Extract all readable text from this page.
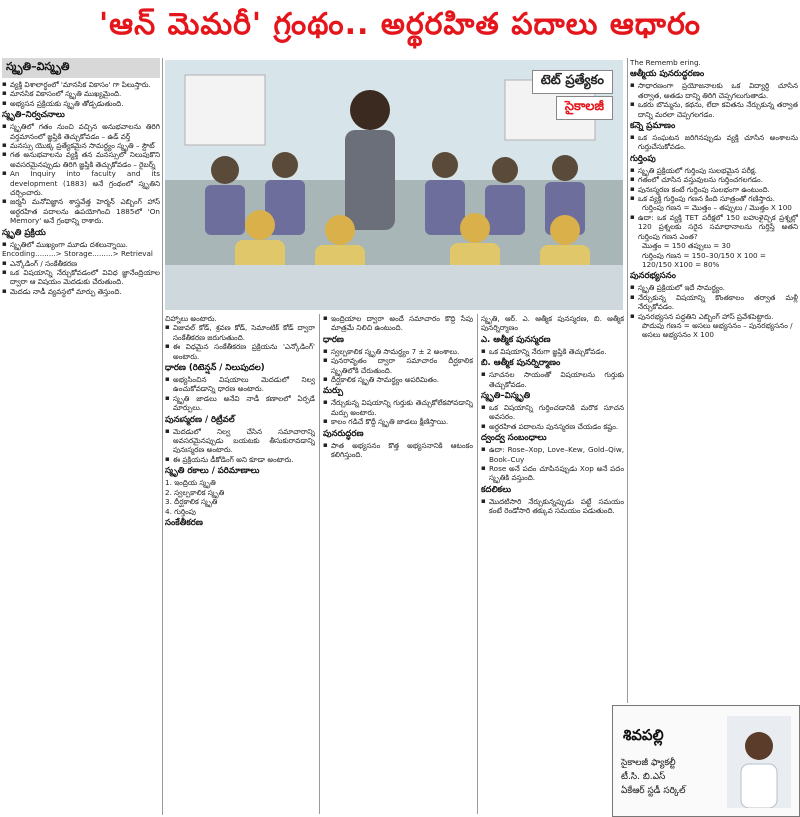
'ఆన్ మెమరీ' గ్రంథం.. అర్థరహిత పదాలు ఆధారం
స్మృతి–విస్మృతి
▪ వ్యక్తి విశాలార్థంలో 'మానసిక వికాసం' గా పిలుస్తారు.
▪ మానసిక వికాసంలో స్మృతి ముఖ్యమైంది.
▪ అభ్యసన ప్రక్రియకు స్మృతి తోడ్పడుతుంది.
స్మృతి–నిర్వచనాలు
▪ స్మృతిలో గతం నుంచి వచ్చిన అనుభవాలను తిరిగి వర్తమానంలో జ్ఞప్తికి తెచ్చుకోవడం – ఉడ్ వర్త్
▪ మనస్సు యొక్క ప్రత్యేకమైన సామర్థ్యం స్మృతి – స్టౌట్
▪ గత అనుభవాలను వ్యక్తి తన మనస్సులో నిలుపుకొని అవసరమైనప్పుడు తిరిగి జ్ఞప్తికి తెచ్చుకోవడం – రైబర్న్
▪ An Inquiry into faculty and its development (1883) అనే గ్రంథంలో స్మృతిని చర్చించారు.
▪ జర్మనీ మనోవిజ్ఞాన శాస్త్రవేత్త హెర్మన్ ఎబ్బింగ్ హాస్ అర్థరహిత పదాలను ఉపయోగించి 1885లో 'On Memory' అనే గ్రంథాన్ని రాశారు.
స్మృతి ప్రక్రియ
▪ స్మృతిలో ముఖ్యంగా మూడు దశలున్నాయి.
Encoding.........> Storage.........> Retrieval
▪ ఎన్కోడింగ్ / సంకేతీకరణ
▪ ఒక విషయాన్ని నేర్చుకోవడంలో వివిధ జ్ఞానేంద్రియాల ద్వారా ఆ విషయం మెదడుకు చేరుతుంది.
▪ మెదడు నాడీ వ్యవస్థలో మార్పు తెస్తుంది.
టెట్ ప్రత్యేకం
సైకాలజీ
చిహ్నాలు అంటారు.
▪ విజువల్ కోడ్, శ్రవణ కోడ్, సెమాంటిక్ కోడ్ ద్వారా సంకేతీకరణ జరుగుతుంది.
▪ ఈ విధమైన సంకేతీకరణ ప్రక్రియను 'ఎన్కోడింగ్' అంటారు.
ధారణ (రిటెన్షన్ / నిలుపుదల)
▪ అభ్యసించిన విషయాలు మెదడులో నిల్వ ఉంచుకోవడాన్ని ధారణ అంటారు.
▪ స్మృతి జాడలు అనేవి నాడీ కణాలలో ఏర్పడే మార్పులు.
పునఃస్మరణ / రిట్రీవల్
▪ మెదడులో నిల్వ చేసిన సమాచారాన్ని అవసరమైనప్పుడు బయటకు తీసుకురావడాన్ని పునఃస్మరణ అంటారు.
▪ ఈ ప్రక్రియను డీకోడింగ్ అని కూడా అంటారు.
స్మృతి రకాలు / పరిమాణాలు
1. ఇంద్రియ స్మృతి
2. స్వల్పకాలిక స్మృతి
3. దీర్ఘకాలిక స్మృతి
4. గుర్తింపు
సంకేతీకరణ
▪ ఇంద్రియాల ద్వారా అందే సమాచారం కొద్ది సేపు మాత్రమే నిలిచి ఉంటుంది.
ధారణ
▪ స్వల్పకాలిక స్మృతి సామర్థ్యం 7 ± 2 అంశాలు.
▪ పునరావృతం ద్వారా సమాచారం దీర్ఘకాలిక స్మృతిలోకి చేరుతుంది.
▪ దీర్ఘకాలిక స్మృతి సామర్థ్యం అపరిమితం.
మర్పు
▪ నేర్చుకున్న విషయాన్ని గుర్తుకు తెచ్చుకోలేకపోవడాన్ని మర్పు అంటారు.
▪ కాలం గడిచే కొద్దీ స్మృతి జాడలు క్షీణిస్తాయి.
పునరుద్ధరణ
▪ పాత అభ్యసనం కొత్త అభ్యసనానికి ఆటంకం కలిగిస్తుంది.
స్మృతి, ఆర్. ఎ. ఆత్మీక పునస్మరణ, బి. ఆత్మీక పునర్నిర్మాణం
ఎ. ఆత్మీక పునస్మరణ
▪ ఒక విషయాన్ని నేరుగా జ్ఞప్తికి తెచ్చుకోవడం.
బి. ఆత్మీక పునర్నిర్మాణం
▪ సూచనల సాయంతో విషయాలను గుర్తుకు తెచ్చుకోవడం.
స్మృతి–విస్మృతి
▪ ఒక విషయాన్ని గుర్తించడానికి మరొక సూచన అవసరం.
▪ అర్థరహిత పదాలను పునస్మరణ చేయడం కష్టం.
ద్వంద్వ సంబంధాలు
▪ ఉదా: Rose–Xop, Love–Kew, Gold–Qiw, Book–Cuy
▪ Rose అనే పదం చూపినప్పుడు Xop అనే పదం స్మృతికి వస్తుంది.
కదలికలు
▪ మొదటిసారి నేర్చుకున్నప్పుడు పట్టే సమయం కంటే రెండోసారి తక్కువ సమయం పడుతుంది.
The Rememb ering.
ఆత్మీయ పునరుద్ధరణం
▪ సాధారణంగా ప్రయోజనాలకు ఒక విద్యార్థి చూసిన తర్వాత, అతడు దాన్ని తిరిగి చెప్పగలుగుతాడు.
▪ ఒకరు బొమ్మను, కథను, లేదా కవితను నేర్చుకున్న తర్వాత దాన్ని మరలా చెప్పగలగడం.
కన్నె ప్రమాణం
▪ ఒక సంఘటన జరిగినప్పుడు వ్యక్తి చూసిన అంశాలను గుర్తుచేసుకోవడం.
గుర్తింపు
▪ స్మృతి ప్రక్రియలో గుర్తింపు సులభమైన పరీక్ష.
▪ గతంలో చూసిన వస్తువులను గుర్తించగలగడం.
▪ పునఃస్మరణ కంటే గుర్తింపు సులభంగా ఉంటుంది.
▪ ఒక వ్యక్తి గుర్తింపు గణన కింది సూత్రంతో గణిస్తారు.
గుర్తింపు గణన = మొత్తం – తప్పులు / మొత్తం X 100
▪ ఉదా: ఒక వ్యక్తి TET పరీక్షలో 150 బహుళైచ్చిక ప్రశ్నల్లో 120 ప్రశ్నలకు సరైన సమాధానాలను గుర్తిస్తే అతని గుర్తింపు గణన ఎంత?
మొత్తం = 150 తప్పులు = 30
గుర్తింపు గణన = 150–30/150 X 100 = 120/150 X100 = 80%
పునరభ్యసనం
▪ స్మృతి ప్రక్రియలో ఇదే సామర్థ్యం.
▪ నేర్చుకున్న విషయాన్ని కొంతకాలం తర్వాత మళ్లీ నేర్చుకోవడం.
▪ పునరభ్యసన పద్ధతిని ఎబ్బింగ్ హాస్ ప్రవేశపెట్టారు.
పొదుపు గణన = అసలు అభ్యసనం – పునరభ్యసనం / అసలు అభ్యసనం X 100
శివపల్లి
సైకాలజీ ఫ్యాకల్టీ
టీ.సి. బి.ఎస్
ఏకేఆర్ స్టడీ సర్కిల్
